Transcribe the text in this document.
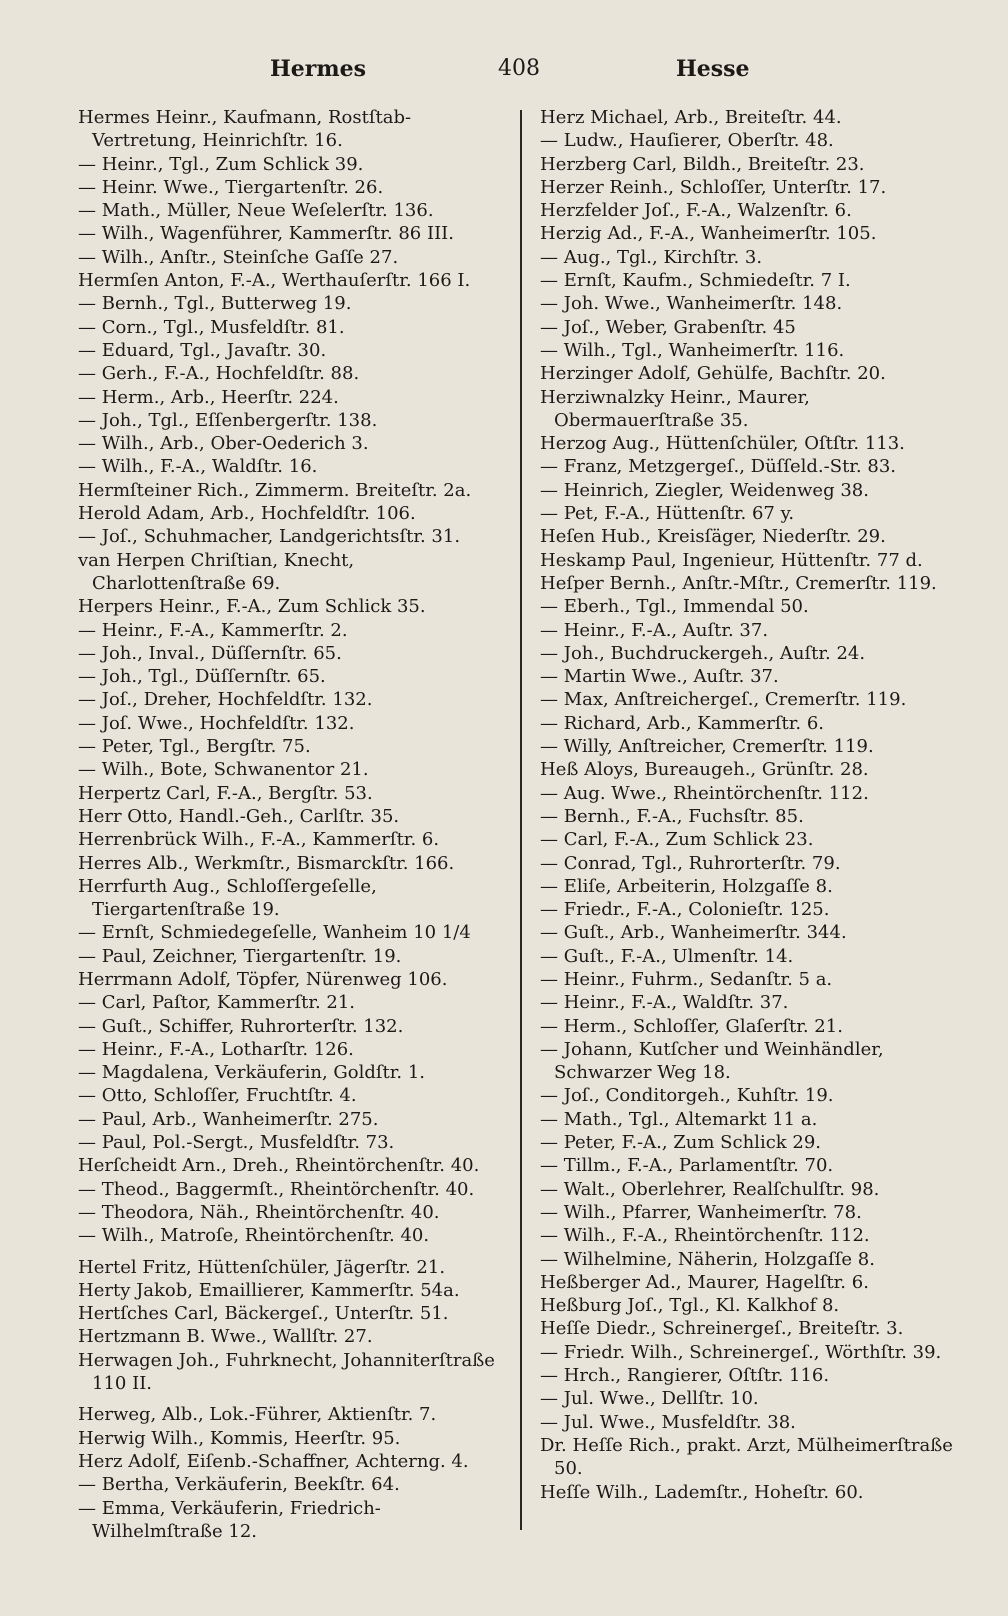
Hermes	408	Hesse

Hermes Heinr., Kaufmann, Rostſtab-Vertretung, Heinrichſtr. 16.

— Heinr., Tgl., Zum Schlick 39.

— Heinr. Wwe., Tiergartenſtr. 26.

— Math., Müller, Neue Weſelerſtr. 136.

— Wilh., Wagenführer, Kammerſtr. 86 III.

— Wilh., Anſtr., Steinſche Gaſſe 27.

Hermſen Anton, F.-A., Werthauſerſtr. 166 I.

— Bernh., Tgl., Butterweg 19.

— Corn., Tgl., Musfeldſtr. 81.

— Eduard, Tgl., Javaſtr. 30.

— Gerh., F.-A., Hochfeldſtr. 88.

— Herm., Arb., Heerſtr. 224.

— Joh., Tgl., Eſſenbergerſtr. 138.

— Wilh., Arb., Ober-Oederich 3.

— Wilh., F.-A., Waldſtr. 16.

Hermſteiner Rich., Zimmerm. Breiteſtr. 2a.

Herold Adam, Arb., Hochfeldſtr. 106.

— Joſ., Schuhmacher, Landgerichtsſtr. 31.

van Herpen Chriſtian, Knecht, Charlottenſtraße 69.

Herpers Heinr., F.-A., Zum Schlick 35.

— Heinr., F.-A., Kammerſtr. 2.

— Joh., Inval., Düſſernſtr. 65.

— Joh., Tgl., Düſſernſtr. 65.

— Joſ., Dreher, Hochfeldſtr. 132.

— Joſ. Wwe., Hochfeldſtr. 132.

— Peter, Tgl., Bergſtr. 75.

— Wilh., Bote, Schwanentor 21.

Herpertz Carl, F.-A., Bergſtr. 53.

Herr Otto, Handl.-Geh., Carlſtr. 35.

Herrenbrück Wilh., F.-A., Kammerſtr. 6.

Herres Alb., Werkmſtr., Bismarckſtr. 166.

Herrfurth Aug., Schloſſergeſelle, Tiergartenſtraße 19.

— Ernſt, Schmiedegeſelle, Wanheim 10 1/4

— Paul, Zeichner, Tiergartenſtr. 19.

Herrmann Adolf, Töpfer, Nürenweg 106.

— Carl, Paſtor, Kammerſtr. 21.

— Guſt., Schiffer, Ruhrorterſtr. 132.

— Heinr., F.-A., Lotharſtr. 126.

— Magdalena, Verkäuferin, Goldſtr. 1.

— Otto, Schloſſer, Fruchtſtr. 4.

— Paul, Arb., Wanheimerſtr. 275.

— Paul, Pol.-Sergt., Musfeldſtr. 73.

Herſcheidt Arn., Dreh., Rheintörchenſtr. 40.

— Theod., Baggermſt., Rheintörchenſtr. 40.

— Theodora, Näh., Rheintörchenſtr. 40.

— Wilh., Matroſe, Rheintörchenſtr. 40.

Hertel Fritz, Hüttenſchüler, Jägerſtr. 21.

Herty Jakob, Emaillierer, Kammerſtr. 54a.

Hertſches Carl, Bäckergeſ., Unterſtr. 51.

Hertzmann B. Wwe., Wallſtr. 27.

Herwagen Joh., Fuhrknecht, Johanniterſtraße 110 II.

Herweg, Alb., Lok.-Führer, Aktienſtr. 7.

Herwig Wilh., Kommis, Heerſtr. 95.

Herz Adolf, Eiſenb.-Schaffner, Achterng. 4.

— Bertha, Verkäuferin, Beekſtr. 64.

— Emma, Verkäuferin, Friedrich-Wilhelmſtraße 12.

Herz Michael, Arb., Breiteſtr. 44.

— Ludw., Hauſierer, Oberſtr. 48.

Herzberg Carl, Bildh., Breiteſtr. 23.

Herzer Reinh., Schloſſer, Unterſtr. 17.

Herzfelder Joſ., F.-A., Walzenſtr. 6.

Herzig Ad., F.-A., Wanheimerſtr. 105.

— Aug., Tgl., Kirchſtr. 3.

— Ernſt, Kaufm., Schmiedeſtr. 7 I.

— Joh. Wwe., Wanheimerſtr. 148.

— Joſ., Weber, Grabenſtr. 45

— Wilh., Tgl., Wanheimerſtr. 116.

Herzinger Adolf, Gehülfe, Bachſtr. 20.

Herziwnalzky Heinr., Maurer, Obermauerſtraße 35.

Herzog Aug., Hüttenſchüler, Oſtſtr. 113.

— Franz, Metzgergeſ., Düſſeld.-Str. 83.

— Heinrich, Ziegler, Weidenweg 38.

— Pet, F.-A., Hüttenſtr. 67 y.

Heſen Hub., Kreisſäger, Niederſtr. 29.

Heskamp Paul, Ingenieur, Hüttenſtr. 77 d.

Heſper Bernh., Anſtr.-Mſtr., Cremerſtr. 119.

— Eberh., Tgl., Immendal 50.

— Heinr., F.-A., Auſtr. 37.

— Joh., Buchdruckergeh., Auſtr. 24.

— Martin Wwe., Auſtr. 37.

— Max, Anſtreichergeſ., Cremerſtr. 119.

— Richard, Arb., Kammerſtr. 6.

— Willy, Anſtreicher, Cremerſtr. 119.

Heß Aloys, Bureaugeh., Grünſtr. 28.

— Aug. Wwe., Rheintörchenſtr. 112.

— Bernh., F.-A., Fuchsſtr. 85.

— Carl, F.-A., Zum Schlick 23.

— Conrad, Tgl., Ruhrorterſtr. 79.

— Eliſe, Arbeiterin, Holzgaſſe 8.

— Friedr., F.-A., Colonieſtr. 125.

— Guſt., Arb., Wanheimerſtr. 344.

— Guſt., F.-A., Ulmenſtr. 14.

— Heinr., Fuhrm., Sedanſtr. 5 a.

— Heinr., F.-A., Waldſtr. 37.

— Herm., Schloſſer, Glaſerſtr. 21.

— Johann, Kutſcher und Weinhändler, Schwarzer Weg 18.

— Joſ., Conditorgeh., Kuhſtr. 19.

— Math., Tgl., Altemarkt 11 a.

— Peter, F.-A., Zum Schlick 29.

— Tillm., F.-A., Parlamentſtr. 70.

— Walt., Oberlehrer, Realſchulſtr. 98.

— Wilh., Pfarrer, Wanheimerſtr. 78.

— Wilh., F.-A., Rheintörchenſtr. 112.

— Wilhelmine, Näherin, Holzgaſſe 8.

Heßberger Ad., Maurer, Hagelſtr. 6.

Heßburg Joſ., Tgl., Kl. Kalkhof 8.

Heſſe Diedr., Schreinergeſ., Breiteſtr. 3.

— Friedr. Wilh., Schreinergeſ., Wörthſtr. 39.

— Hrch., Rangierer, Oſtſtr. 116.

— Jul. Wwe., Dellſtr. 10.

— Jul. Wwe., Musfeldſtr. 38.

Dr. Heſſe Rich., prakt. Arzt, Mülheimerſtraße 50.

Heſſe Wilh., Lademſtr., Hoheſtr. 60.
